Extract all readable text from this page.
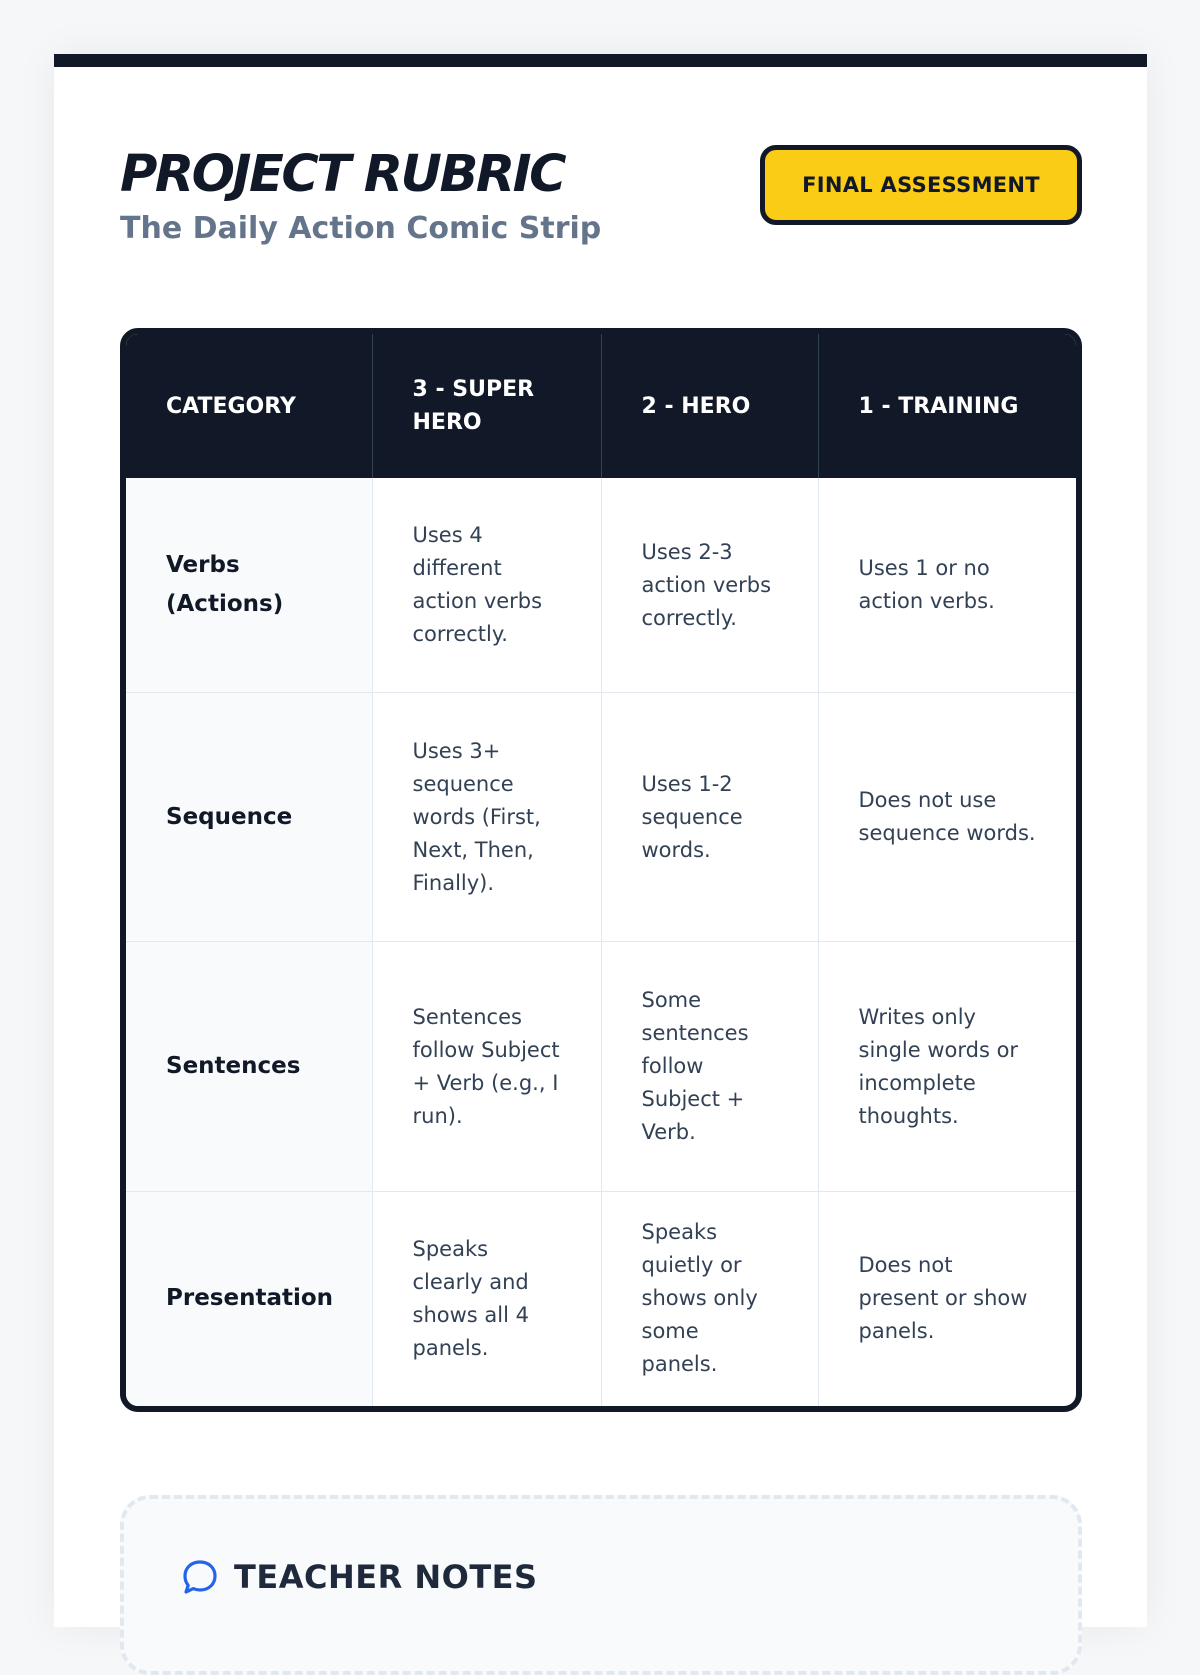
PROJECT RUBRIC

The Daily Action Comic Strip

FINAL ASSESSMENT
CATEGORY	3 - SUPER HERO	2 - HERO	1 - TRAINING
Verbs (Actions)	Uses 4 different action verbs correctly.	Uses 2-3 action verbs correctly.	Uses 1 or no action verbs.
Sequence	Uses 3+ sequence words (First, Next, Then, Finally).	Uses 1-2 sequence words.	Does not use sequence words.
Sentences	Sentences follow Subject + Verb (e.g., I run).	Some sentences follow Subject + Verb.	Writes only single words or incomplete thoughts.
Presentation	Speaks clearly and shows all 4 panels.	Speaks quietly or shows only some panels.	Does not present or show panels.
TEACHER NOTES
